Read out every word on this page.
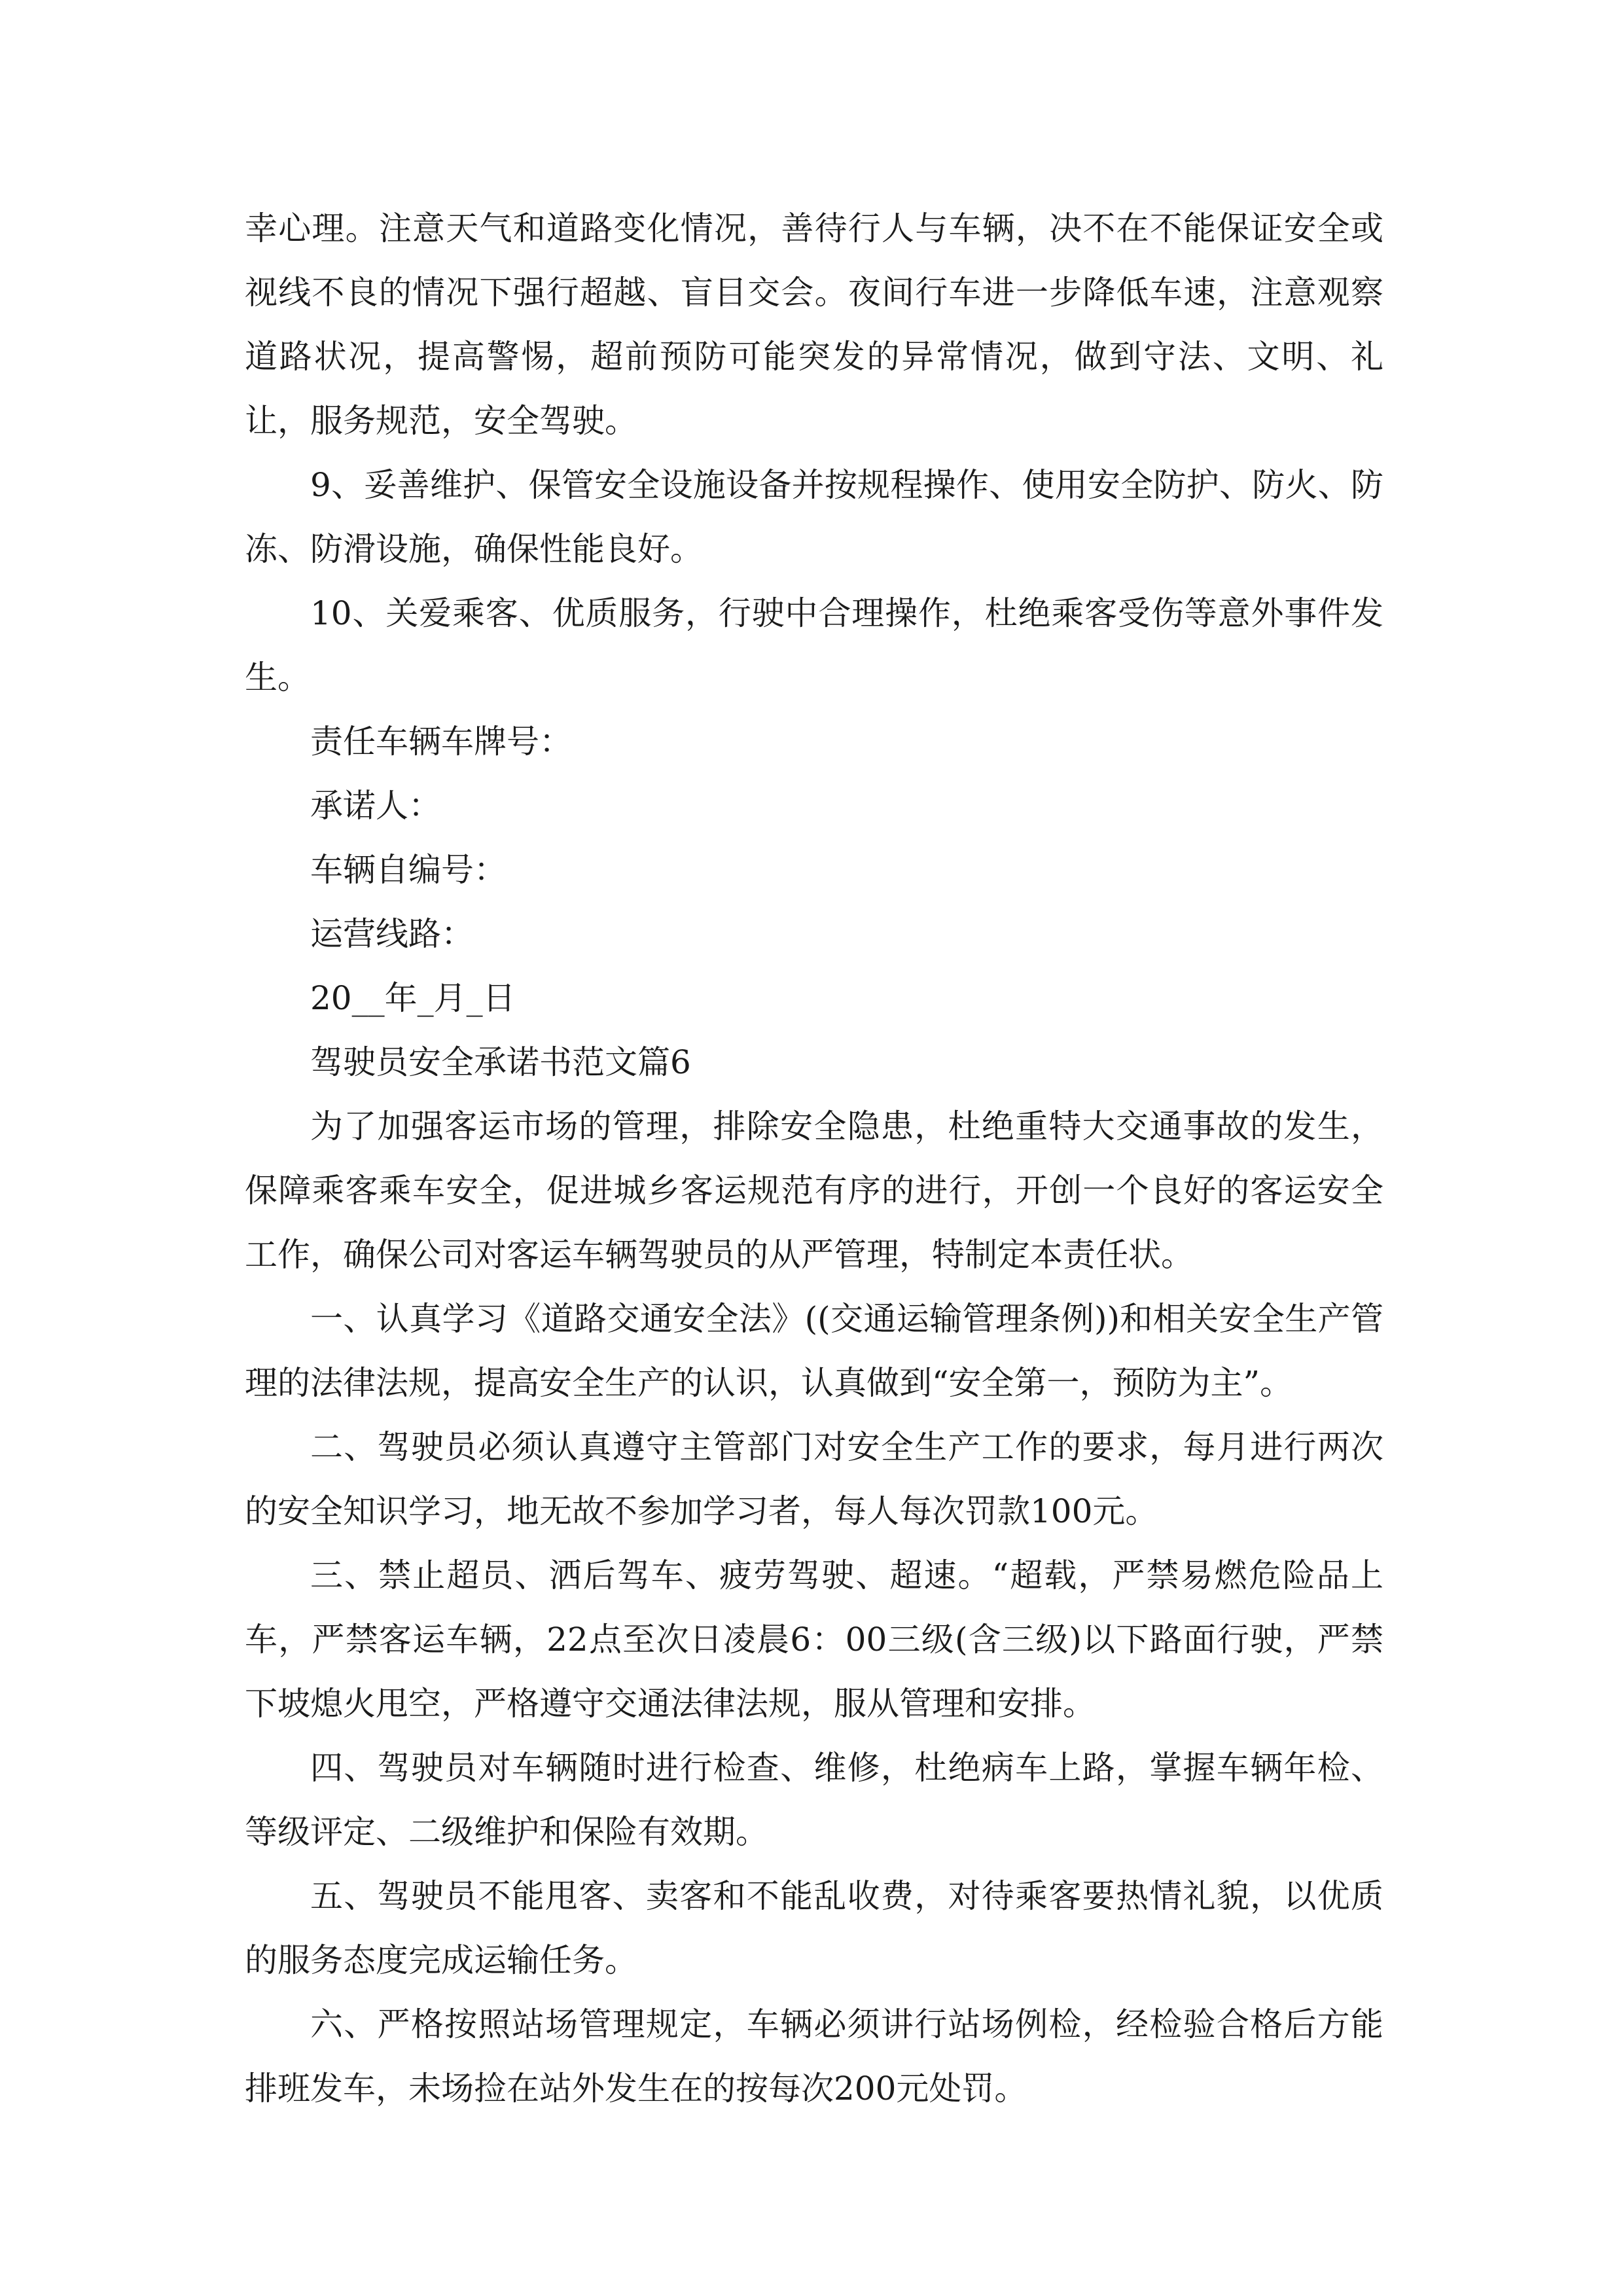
幸心理。注意天气和道路变化情况，善待行人与车辆，决不在不能保证安全或视线不良的情况下强行超越、盲目交会。夜间行车进一步降低车速，注意观察道路状况，提高警惕，超前预防可能突发的异常情况，做到守法、文明、礼让，服务规范，安全驾驶。

9、妥善维护、保管安全设施设备并按规程操作、使用安全防护、防火、防冻、防滑设施，确保性能良好。

10、关爱乘客、优质服务，行驶中合理操作，杜绝乘客受伤等意外事件发生。

责任车辆车牌号：

承诺人：

车辆自编号：

运营线路：

20__年_月_日

驾驶员安全承诺书范文篇6

为了加强客运市场的管理，排除安全隐患，杜绝重特大交通事故的发生，保障乘客乘车安全，促进城乡客运规范有序的进行，开创一个良好的客运安全工作，确保公司对客运车辆驾驶员的从严管理，特制定本责任状。

一、认真学习《道路交通安全法》((交通运输管理条例))和相关安全生产管理的法律法规，提高安全生产的认识，认真做到“安全第一，预防为主”。

二、驾驶员必须认真遵守主管部门对安全生产工作的要求，每月进行两次的安全知识学习，地无故不参加学习者，每人每次罚款100元。

三、禁止超员、洒后驾车、疲劳驾驶、超速。“超载，严禁易燃危险品上车，严禁客运车辆，22点至次日凌晨6：00三级(含三级)以下路面行驶，严禁下坡熄火甩空，严格遵守交通法律法规，服从管理和安排。

四、驾驶员对车辆随时进行检查、维修，杜绝病车上路，掌握车辆年检、等级评定、二级维护和保险有效期。

五、驾驶员不能甩客、卖客和不能乱收费，对待乘客要热情礼貌，以优质的服务态度完成运输任务。

六、严格按照站场管理规定，车辆必须讲行站场例检，经检验合格后方能排班发车，未场捡在站外发生在的按每次200元处罚。
